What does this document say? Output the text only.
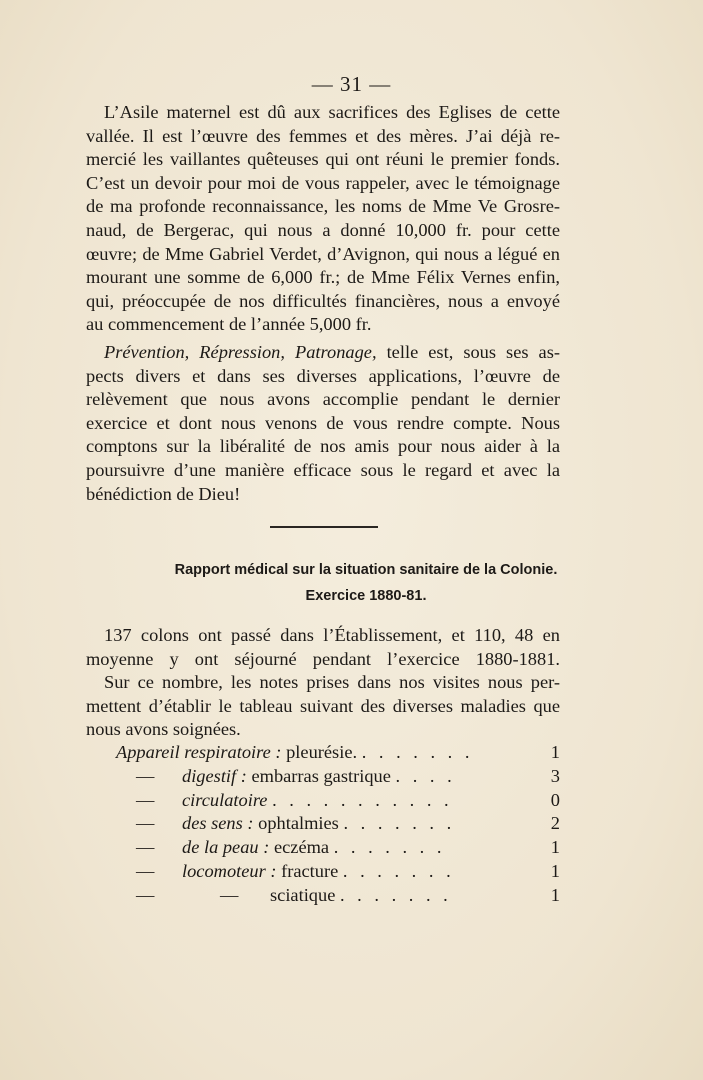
— 31 —
L’Asile maternel est dû aux sacrifices des Eglises de cette
vallée. Il est l’œuvre des femmes et des mères. J’ai déjà re-
mercié les vaillantes quêteuses qui ont réuni le premier fonds.
C’est un devoir pour moi de vous rappeler, avec le témoignage
de ma profonde reconnaissance, les noms de Mme Ve Grosre-
naud, de Bergerac, qui nous a donné 10,000 fr. pour cette
œuvre; de Mme Gabriel Verdet, d’Avignon, qui nous a légué en
mourant une somme de 6,000 fr.; de Mme Félix Vernes enfin,
qui, préoccupée de nos difficultés financières, nous a envoyé
au commencement de l’année 5,000 fr.
Prévention, Répression, Patronage, telle est, sous ses as-
pects divers et dans ses diverses applications, l’œuvre de
relèvement que nous avons accomplie pendant le dernier
exercice et dont nous venons de vous rendre compte. Nous
comptons sur la libéralité de nos amis pour nous aider à la
poursuivre d’une manière efficace sous le regard et avec la
bénédiction de Dieu!
Rapport médical sur la situation sanitaire de la Colonie.
Exercice 1880-81.
137 colons ont passé dans l’Établissement, et 110, 48 en
moyenne y ont séjourné pendant l’exercice 1880-1881.
Sur ce nombre, les notes prises dans nos visites nous per-
mettent d’établir le tableau suivant des diverses maladies que
nous avons soignées.
Appareil respiratoire : pleurésie. . . . . . . .	1
— digestif : embarras gastrique . . . .	3
— circulatoire . . . . . . . . . . .	0
— des sens : ophtalmies . . . . . . .	2
— de la peau : eczéma . . . . . . .	1
— locomoteur : fracture . . . . . . .	1
—	— sciatique . . . . . . .	1
